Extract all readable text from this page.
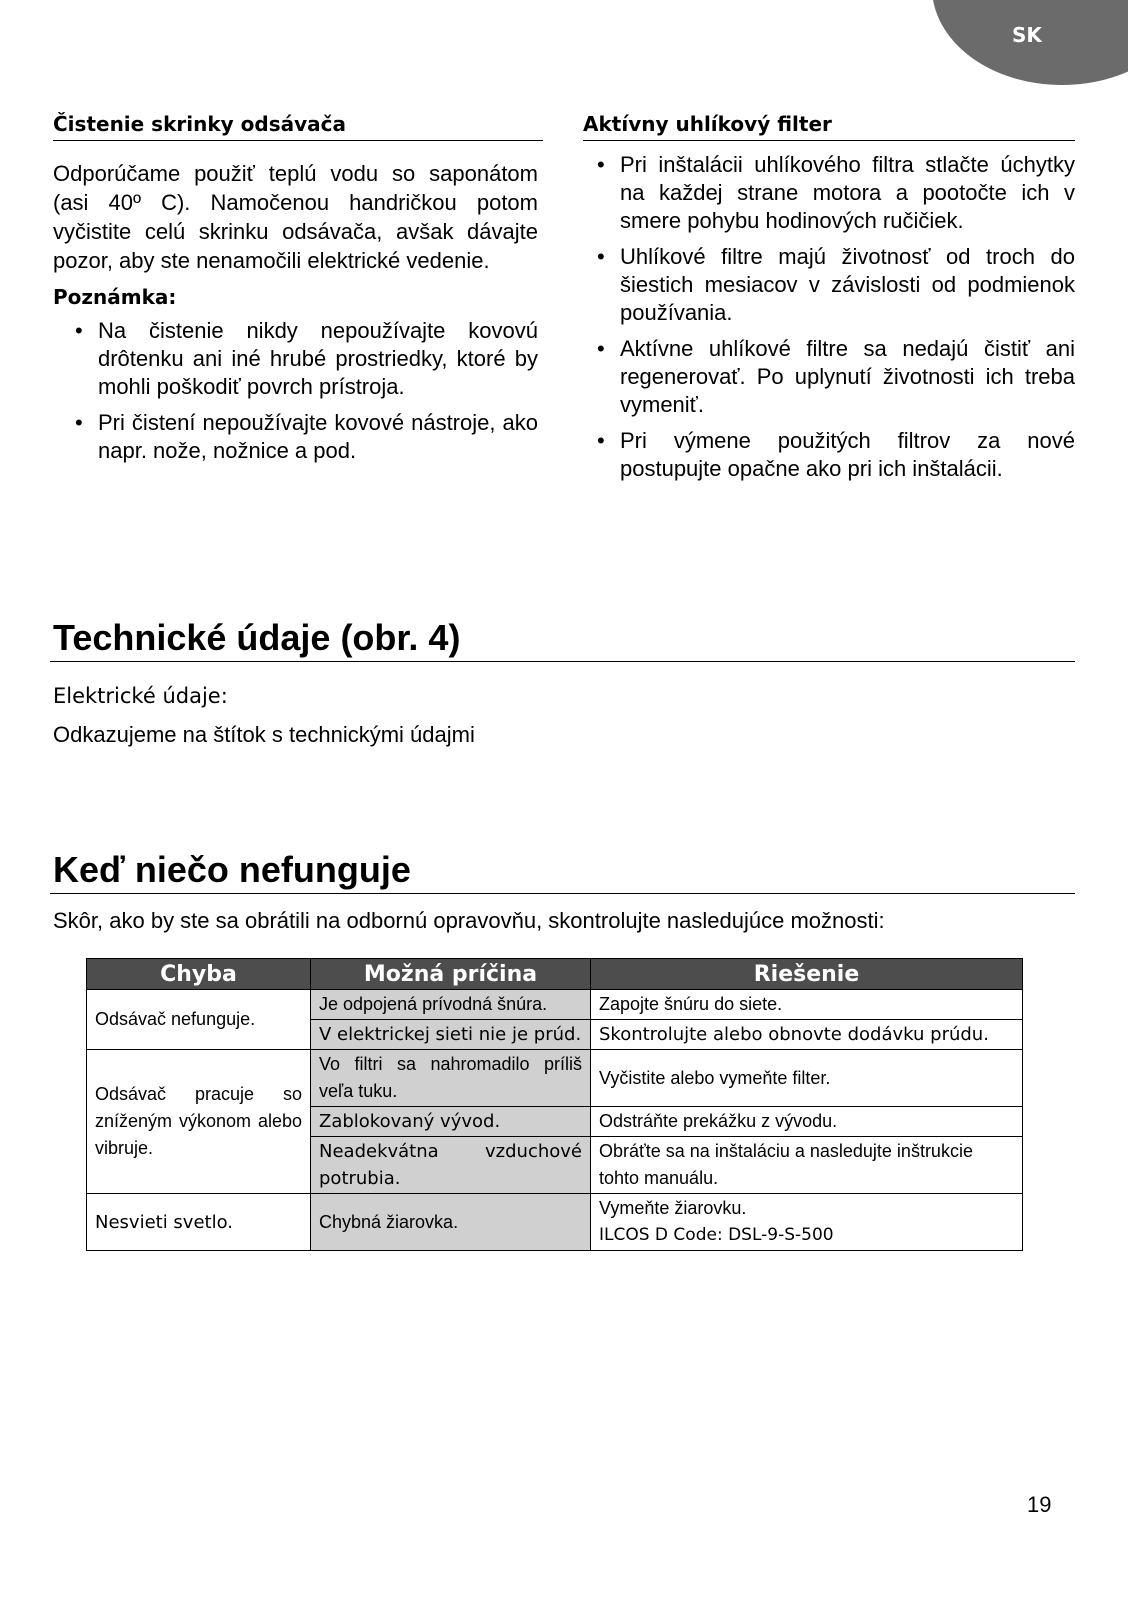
SK
Čistenie skrinky odsávača

Odporúčame použiť teplú vodu so saponátom (asi 40º C). Namočenou handričkou potom vyčistite celú skrinku odsávača, avšak dávajte pozor, aby ste nenamočili elektrické vedenie.

Poznámka:
• Na čistenie nikdy nepoužívajte kovovú drôtenku ani iné hrubé prostriedky, ktoré by mohli poškodiť povrch prístroja.
• Pri čistení nepoužívajte kovové nástroje, ako napr. nože, nožnice a pod.
Aktívny uhlíkový filter
• Pri inštalácii uhlíkového filtra stlačte úchytky na každej strane motora a pootočte ich v smere pohybu hodinových ručičiek.
• Uhlíkové filtre majú životnosť od troch do šiestich mesiacov v závislosti od podmienok používania.
• Aktívne uhlíkové filtre sa nedajú čistiť ani regenerovať. Po uplynutí životnosti ich treba vymeniť.
• Pri výmene použitých filtrov za nové postupujte opačne ako pri ich inštalácii.
Technické údaje (obr. 4)

Elektrické údaje:

Odkazujeme na štítok s technickými údajmi

Keď niečo nefunguje

Skôr, ako by ste sa obrátili na odbornú opravovňu, skontrolujte nasledujúce možnosti:

Chyba	Možná príčina	Riešenie
Odsávač nefunguje.	Je odpojená prívodná šnúra.	Zapojte šnúru do siete.
	V elektrickej sieti nie je prúd.	Skontrolujte alebo obnovte dodávku prúdu.
Odsávač pracuje so zníženým výkonom alebo vibruje.	Vo filtri sa nahromadilo príliš veľa tuku.	Vyčistite alebo vymeňte filter.
	Zablokovaný vývod.	Odstráňte prekážku z vývodu.
	Neadekvátna vzduchové potrubia.	Obráťte sa na inštaláciu a nasledujte inštrukcie tohto manuálu.
Nesvieti svetlo.	Chybná žiarovka.	Vymeňte žiarovku.
ILCOS D Code: DSL-9-S-500
19
